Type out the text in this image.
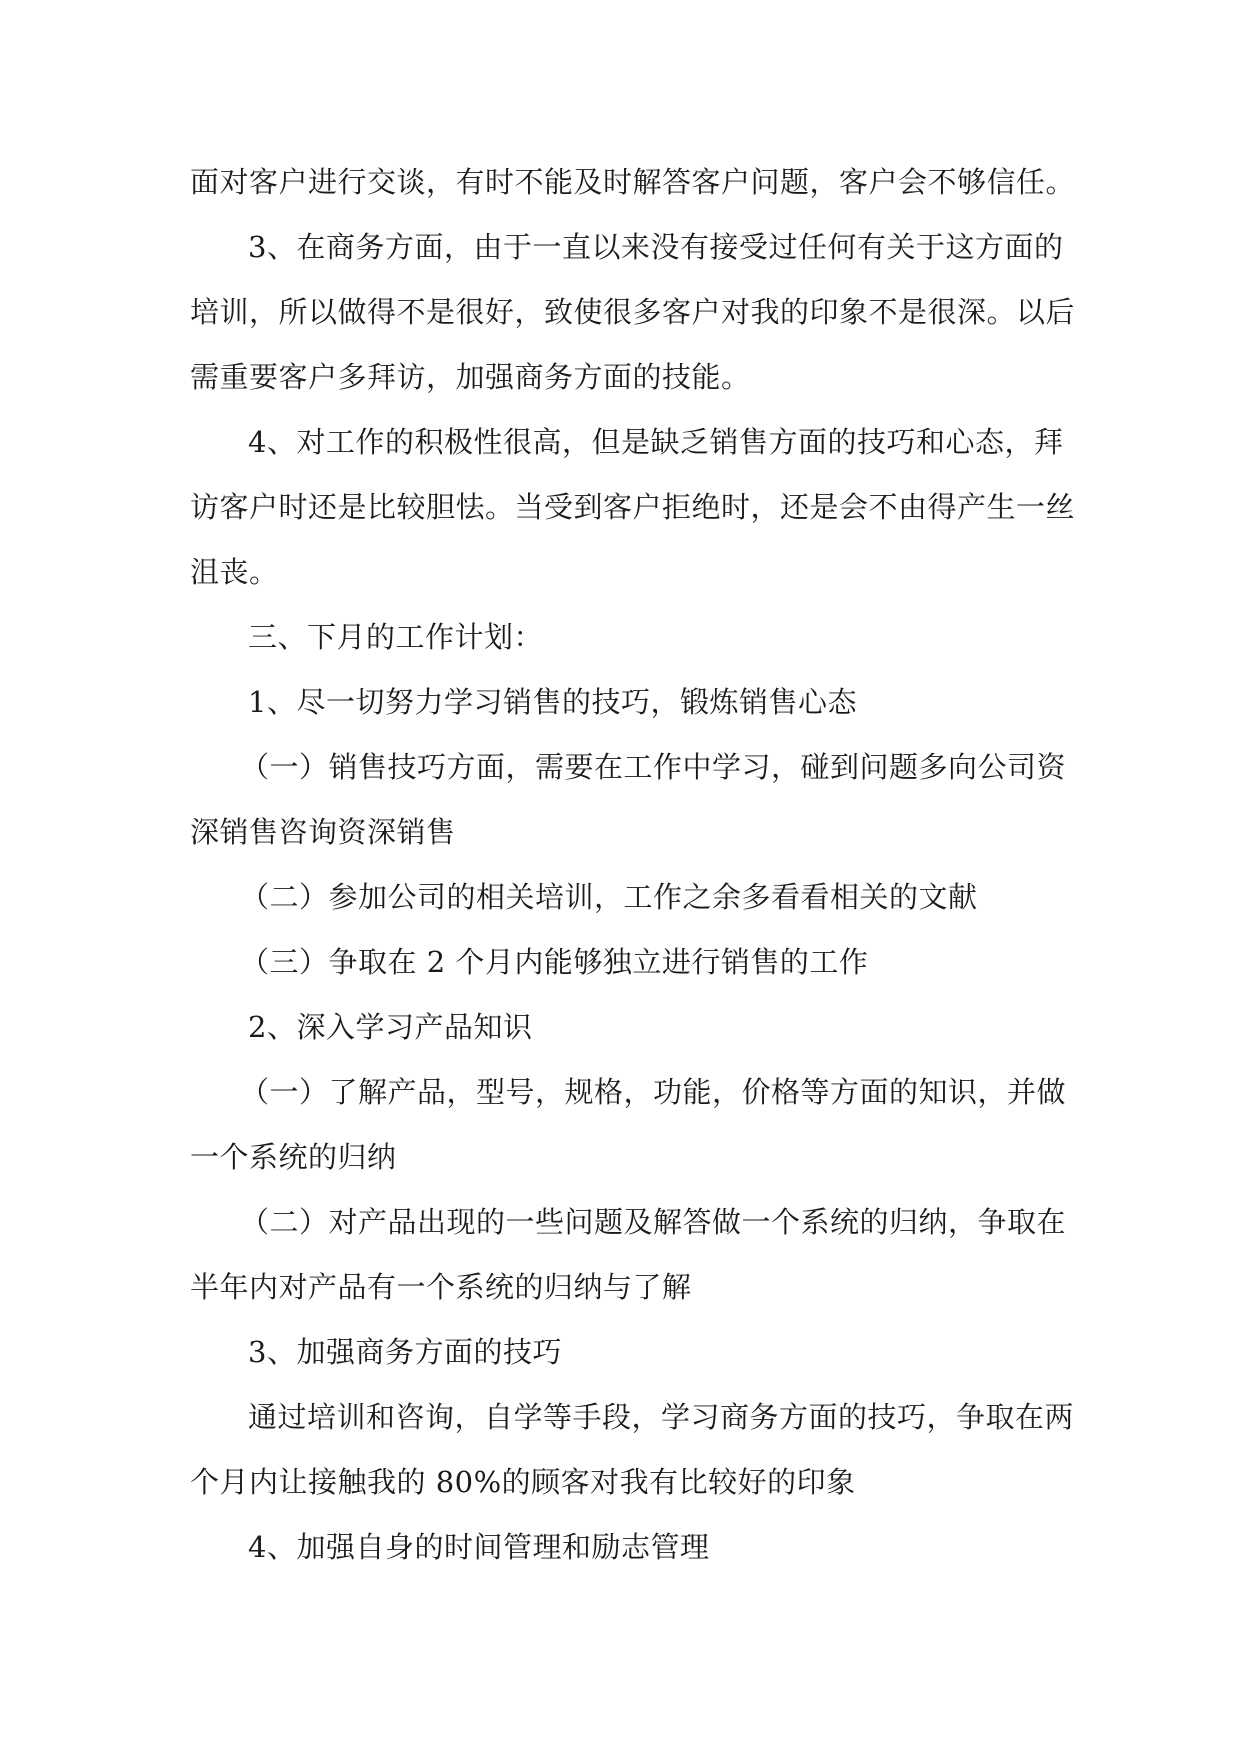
面对客户进行交谈，有时不能及时解答客户问题，客户会不够信任。
3、在商务方面，由于一直以来没有接受过任何有关于这方面的
培训，所以做得不是很好，致使很多客户对我的印象不是很深。以后
需重要客户多拜访，加强商务方面的技能。
4、对工作的积极性很高，但是缺乏销售方面的技巧和心态，拜
访客户时还是比较胆怯。当受到客户拒绝时，还是会不由得产生一丝
沮丧。
三、下月的工作计划：
1、尽一切努力学习销售的技巧，锻炼销售心态
（一）销售技巧方面，需要在工作中学习，碰到问题多向公司资
深销售咨询资深销售
（二）参加公司的相关培训，工作之余多看看相关的文献
（三）争取在 2 个月内能够独立进行销售的工作
2、深入学习产品知识
（一）了解产品，型号，规格，功能，价格等方面的知识，并做
一个系统的归纳
（二）对产品出现的一些问题及解答做一个系统的归纳，争取在
半年内对产品有一个系统的归纳与了解
3、加强商务方面的技巧
通过培训和咨询，自学等手段，学习商务方面的技巧，争取在两
个月内让接触我的 80%的顾客对我有比较好的印象
4、加强自身的时间管理和励志管理
